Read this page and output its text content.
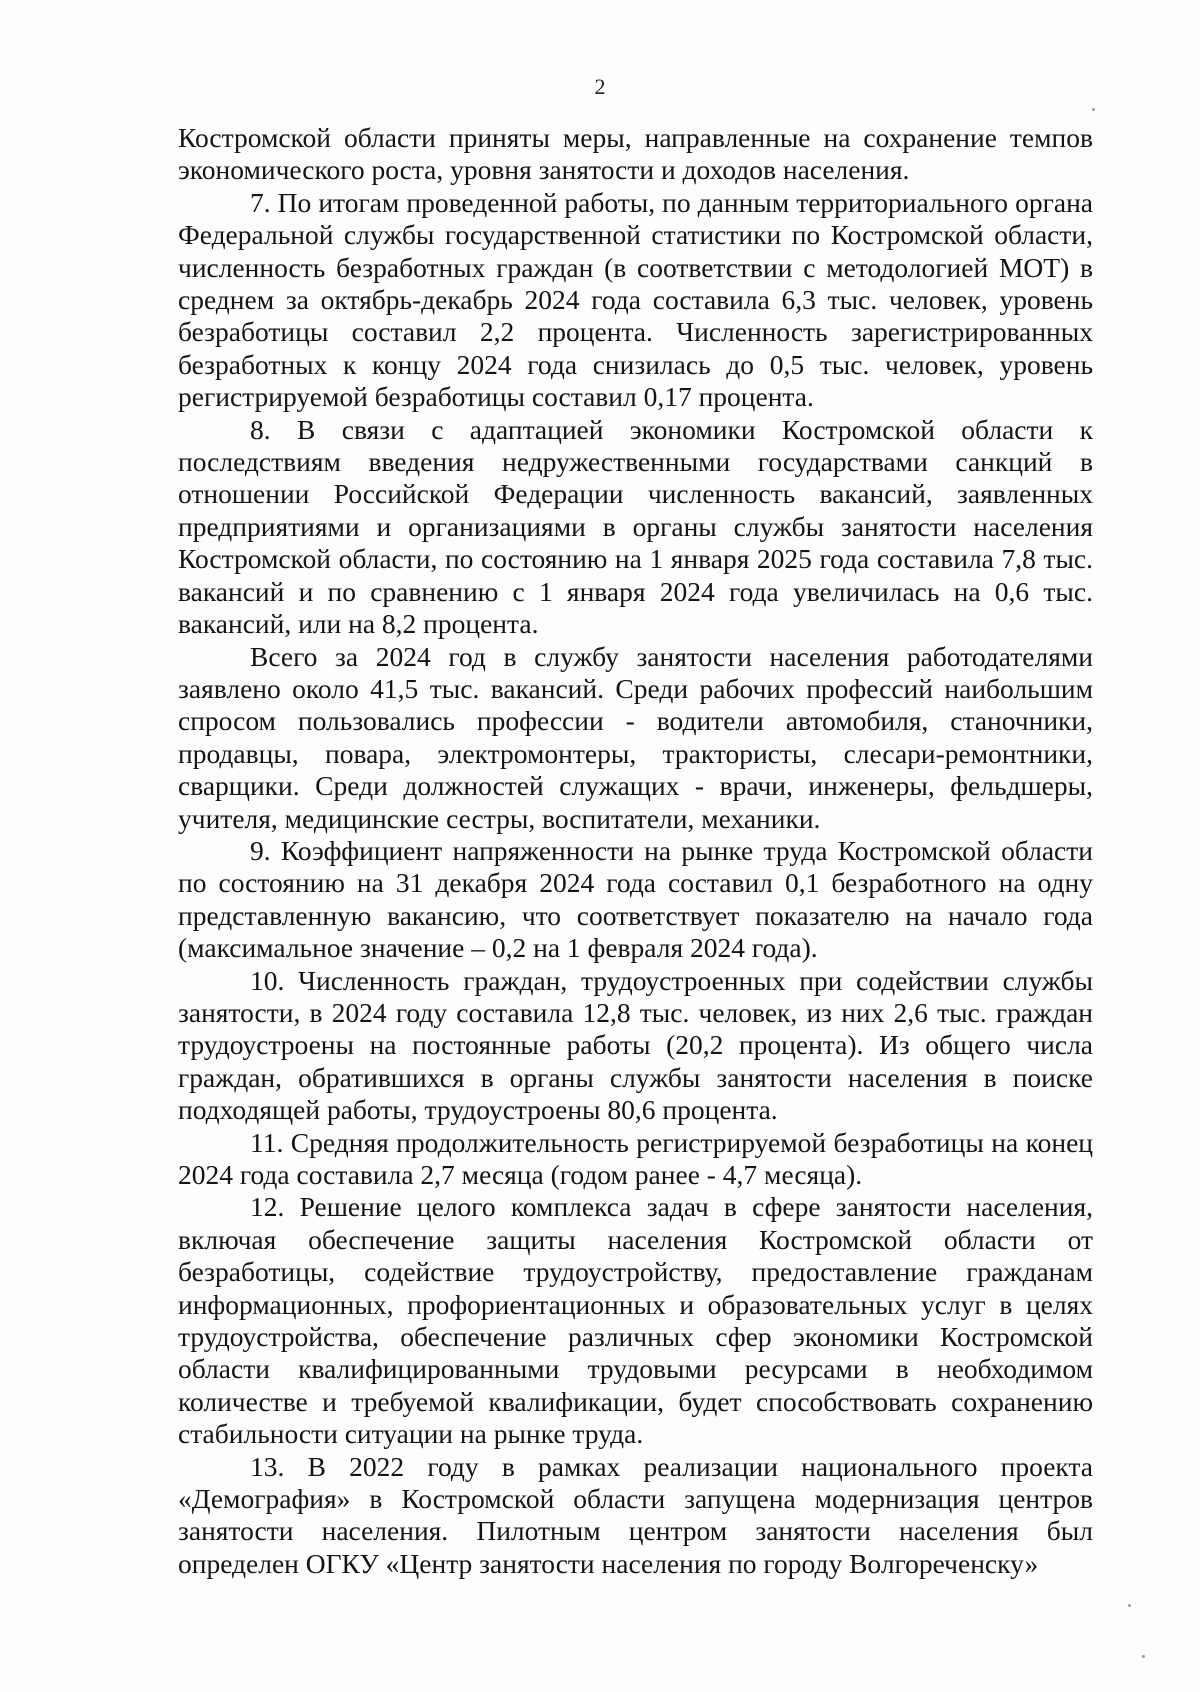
2

Костромской области приняты меры, направленные на сохранение темпов экономического роста, уровня занятости и доходов населения.

7. По итогам проведенной работы, по данным территориального органа Федеральной службы государственной статистики по Костромской области, численность безработных граждан (в соответствии с методологией МОТ) в среднем за октябрь-декабрь 2024 года составила 6,3 тыс. человек, уровень безработицы составил 2,2 процента. Численность зарегистрированных безработных к концу 2024 года снизилась до 0,5 тыс. человек, уровень регистрируемой безработицы составил 0,17 процента.

8. В связи с адаптацией экономики Костромской области к последствиям введения недружественными государствами санкций в отношении Российской Федерации численность вакансий, заявленных предприятиями и организациями в органы службы занятости населения Костромской области, по состоянию на 1 января 2025 года составила 7,8 тыс. вакансий и по сравнению с 1 января 2024 года увеличилась на 0,6 тыс. вакансий, или на 8,2 процента.

Всего за 2024 год в службу занятости населения работодателями заявлено около 41,5 тыс. вакансий. Среди рабочих профессий наибольшим спросом пользовались профессии - водители автомобиля, станочники, продавцы, повара, электромонтеры, трактористы, слесари-ремонтники, сварщики. Среди должностей служащих - врачи, инженеры, фельдшеры, учителя, медицинские сестры, воспитатели, механики.

9. Коэффициент напряженности на рынке труда Костромской области по состоянию на 31 декабря 2024 года составил 0,1 безработного на одну представленную вакансию, что соответствует показателю на начало года (максимальное значение – 0,2 на 1 февраля 2024 года).

10. Численность граждан, трудоустроенных при содействии службы занятости, в 2024 году составила 12,8 тыс. человек, из них 2,6 тыс. граждан трудоустроены на постоянные работы (20,2 процента). Из общего числа граждан, обратившихся в органы службы занятости населения в поиске подходящей работы, трудоустроены 80,6 процента.

11. Средняя продолжительность регистрируемой безработицы на конец 2024 года составила 2,7 месяца (годом ранее - 4,7 месяца).

12. Решение целого комплекса задач в сфере занятости населения, включая обеспечение защиты населения Костромской области от безработицы, содействие трудоустройству, предоставление гражданам информационных, профориентационных и образовательных услуг в целях трудоустройства, обеспечение различных сфер экономики Костромской области квалифицированными трудовыми ресурсами в необходимом количестве и требуемой квалификации, будет способствовать сохранению стабильности ситуации на рынке труда.

13. В 2022 году в рамках реализации национального проекта «Демография» в Костромской области запущена модернизация центров занятости населения. Пилотным центром занятости населения был определен ОГКУ «Центр занятости населения по городу Волгореченску»
